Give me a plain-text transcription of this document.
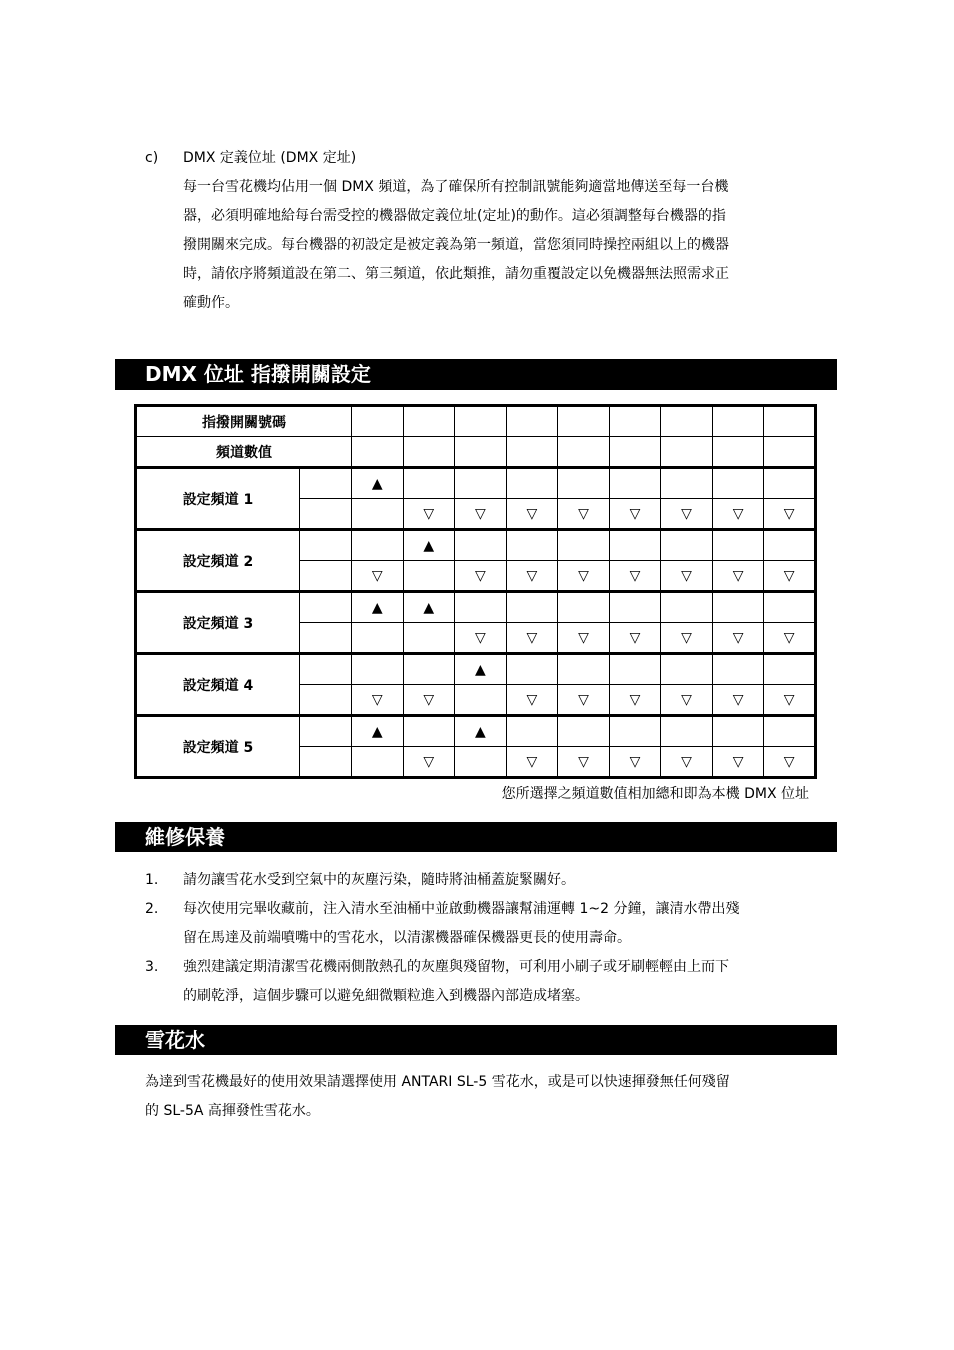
c) DMX 定義位址 (DMX 定址)
每一台雪花機均佔用一個 DMX 頻道，為了確保所有控制訊號能夠適當地傳送至每一台機
器，必須明確地給每台需受控的機器做定義位址(定址)的動作。這必須調整每台機器的指
撥開關來完成。每台機器的初設定是被定義為第一頻道，當您須同時操控兩組以上的機器
時，請依序將頻道設在第二、第三頻道，依此類推，請勿重覆設定以免機器無法照需求正
確動作。
DMX 位址 指撥開關設定
指撥開關號碼										
頻道數值										
設定頻道 1		▲								
			▽	▽	▽	▽	▽	▽	▽	▽
設定頻道 2			▲							
		▽		▽	▽	▽	▽	▽	▽	▽
設定頻道 3		▲	▲							
				▽	▽	▽	▽	▽	▽	▽
設定頻道 4				▲						
		▽	▽		▽	▽	▽	▽	▽	▽
設定頻道 5		▲		▲						
			▽		▽	▽	▽	▽	▽	▽
您所選擇之頻道數值相加總和即為本機 DMX 位址
維修保養
1. 請勿讓雪花水受到空氣中的灰塵污染，隨時將油桶蓋旋緊關好。
2. 每次使用完畢收藏前，注入清水至油桶中並啟動機器讓幫浦運轉 1~2 分鐘，讓清水帶出殘
留在馬達及前端噴嘴中的雪花水，以清潔機器確保機器更長的使用壽命。
3. 強烈建議定期清潔雪花機兩側散熱孔的灰塵與殘留物，可利用小刷子或牙刷輕輕由上而下
的刷乾淨，這個步驟可以避免細微顆粒進入到機器內部造成堵塞。
雪花水
為達到雪花機最好的使用效果請選擇使用 ANTARI SL-5 雪花水，或是可以快速揮發無任何殘留
的 SL-5A 高揮發性雪花水。
